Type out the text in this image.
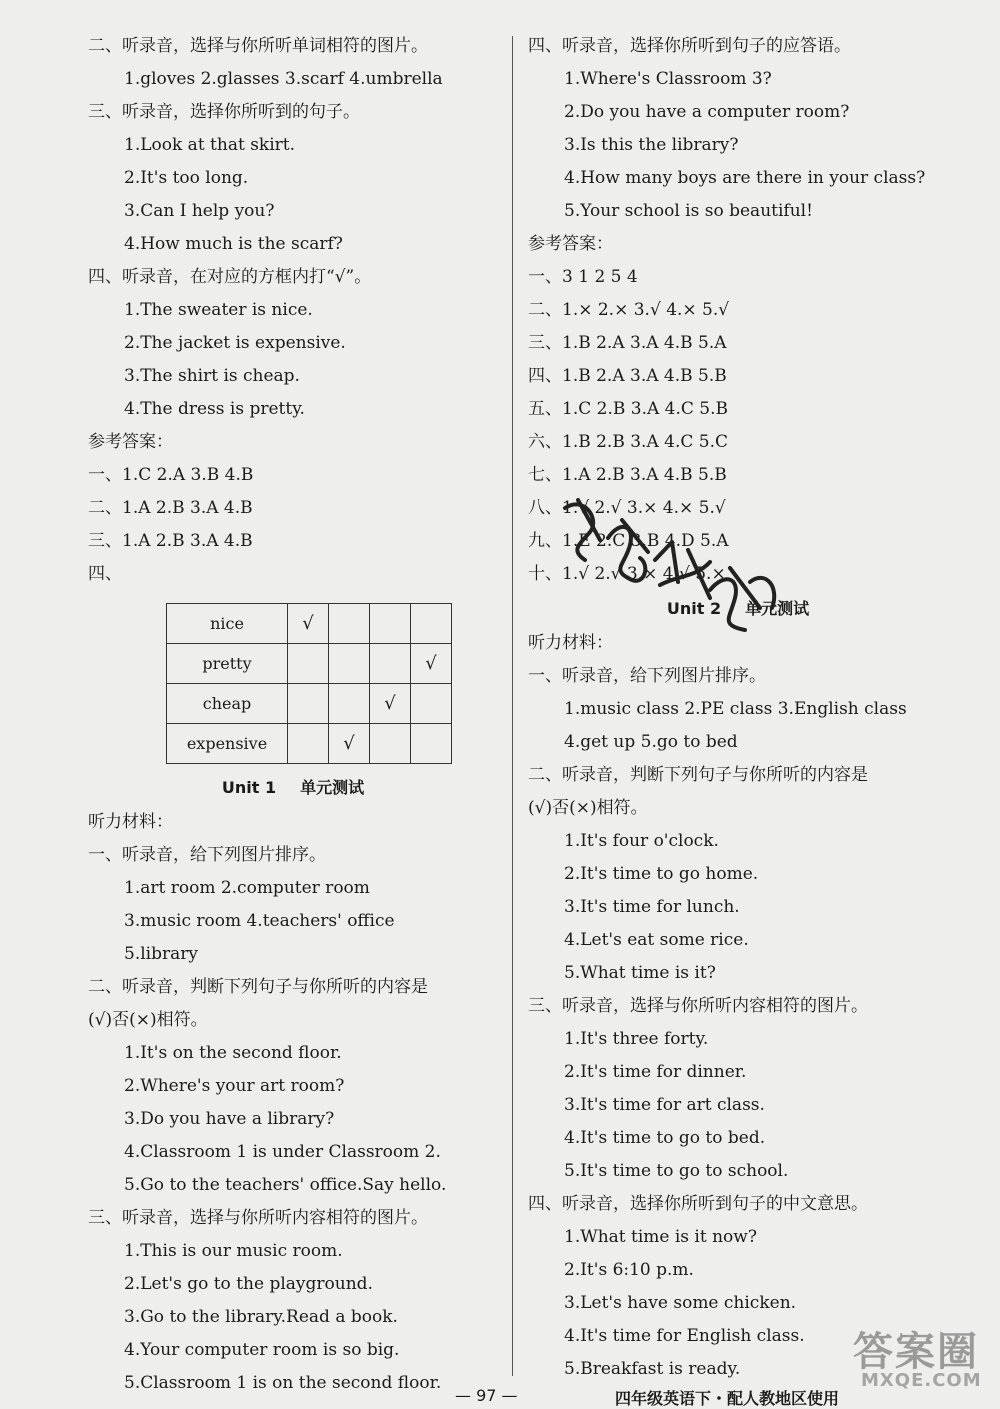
二、听录音，选择与你所听单词相符的图片。
1.gloves 2.glasses 3.scarf 4.umbrella
三、听录音，选择你所听到的句子。
1.Look at that skirt.
2.It's too long.
3.Can I help you?
4.How much is the scarf?
四、听录音，在对应的方框内打“√”。
1.The sweater is nice.
2.The jacket is expensive.
3.The shirt is cheap.
4.The dress is pretty.
参考答案：
一、1.C 2.A 3.B 4.B
二、1.A 2.B 3.A 4.B
三、1.A 2.B 3.A 4.B
四、
nice	√			
pretty				√
cheap			√	
expensive		√		
Unit 1 单元测试
听力材料：
一、听录音，给下列图片排序。
1.art room 2.computer room
3.music room 4.teachers' office
5.library
二、听录音，判断下列句子与你所听的内容是
(√)否(×)相符。
1.It's on the second floor.
2.Where's your art room?
3.Do you have a library?
4.Classroom 1 is under Classroom 2.
5.Go to the teachers' office.Say hello.
三、听录音，选择与你所听内容相符的图片。
1.This is our music room.
2.Let's go to the playground.
3.Go to the library.Read a book.
4.Your computer room is so big.
5.Classroom 1 is on the second floor.
四、听录音，选择你所听到句子的应答语。
1.Where's Classroom 3?
2.Do you have a computer room?
3.Is this the library?
4.How many boys are there in your class?
5.Your school is so beautiful!
参考答案：
一、3 1 2 5 4
二、1.× 2.× 3.√ 4.× 5.√
三、1.B 2.A 3.A 4.B 5.A
四、1.B 2.A 3.A 4.B 5.B
五、1.C 2.B 3.A 4.C 5.B
六、1.B 2.B 3.A 4.C 5.C
七、1.A 2.B 3.A 4.B 5.B
八、1.√ 2.√ 3.× 4.× 5.√
九、1.E 2.C 3.B 4.D 5.A
十、1.√ 2.√ 3.× 4.√ 5.×
Unit 2 单元测试
听力材料：
一、听录音，给下列图片排序。
1.music class 2.PE class 3.English class
4.get up 5.go to bed
二、听录音，判断下列句子与你所听的内容是
(√)否(×)相符。
1.It's four o'clock.
2.It's time to go home.
3.It's time for lunch.
4.Let's eat some rice.
5.What time is it?
三、听录音，选择与你所听内容相符的图片。
1.It's three forty.
2.It's time for dinner.
3.It's time for art class.
4.It's time to go to bed.
5.It's time to go to school.
四、听录音，选择你所听到句子的中文意思。
1.What time is it now?
2.It's 6:10 p.m.
3.Let's have some chicken.
4.It's time for English class.
5.Breakfast is ready.
— 97 —	四年级英语下・配人教地区使用
答案圈
MXQE.COM
